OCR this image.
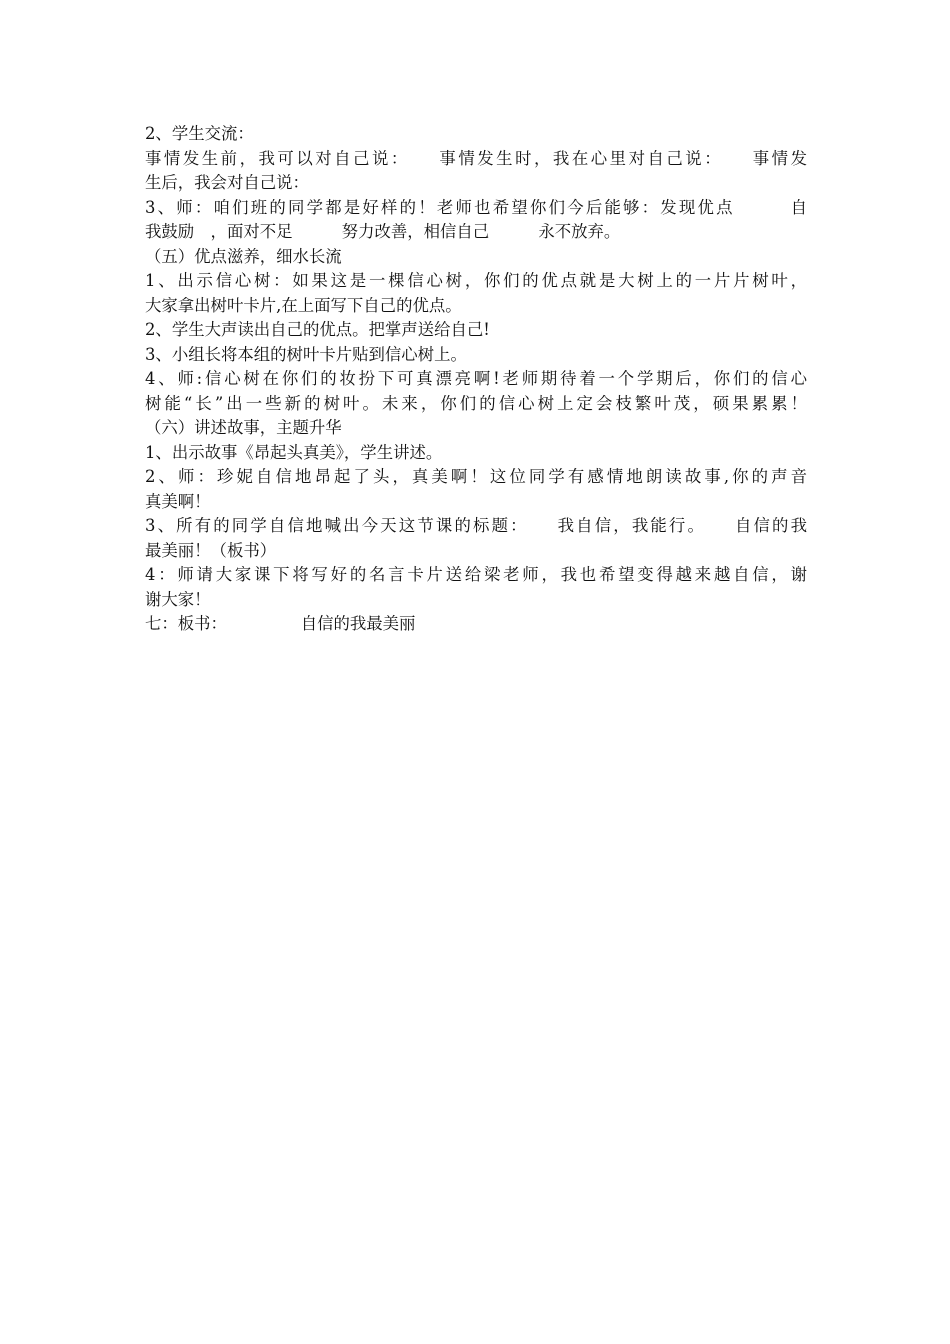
2、学生交流：
事情发生前，我可以对自己说：　　事情发生时，我在心里对自己说：　　事情发
生后，我会对自己说：
3、师：咱们班的同学都是好样的！老师也希望你们今后能够：发现优点　　　自
我鼓励　，面对不足　　　努力改善，相信自己　　　永不放弃。
（五）优点滋养，细水长流
1、出示信心树：如果这是一棵信心树，你们的优点就是大树上的一片片树叶，
大家拿出树叶卡片,在上面写下自己的优点。
2、学生大声读出自己的优点。把掌声送给自己!
3、小组长将本组的树叶卡片贴到信心树上。
4、师:信心树在你们的妆扮下可真漂亮啊!老师期待着一个学期后，你们的信心
树能“长”出一些新的树叶。未来，你们的信心树上定会枝繁叶茂，硕果累累！
（六）讲述故事，主题升华
1、出示故事《昂起头真美》，学生讲述。
2、师：珍妮自信地昂起了头，真美啊！这位同学有感情地朗读故事,你的声音
真美啊！
3、所有的同学自信地喊出今天这节课的标题：　　我自信，我能行。　　自信的我
最美丽！（板书）
4：师请大家课下将写好的名言卡片送给梁老师，我也希望变得越来越自信，谢
谢大家！
七：板书：　　　　　自信的我最美丽
